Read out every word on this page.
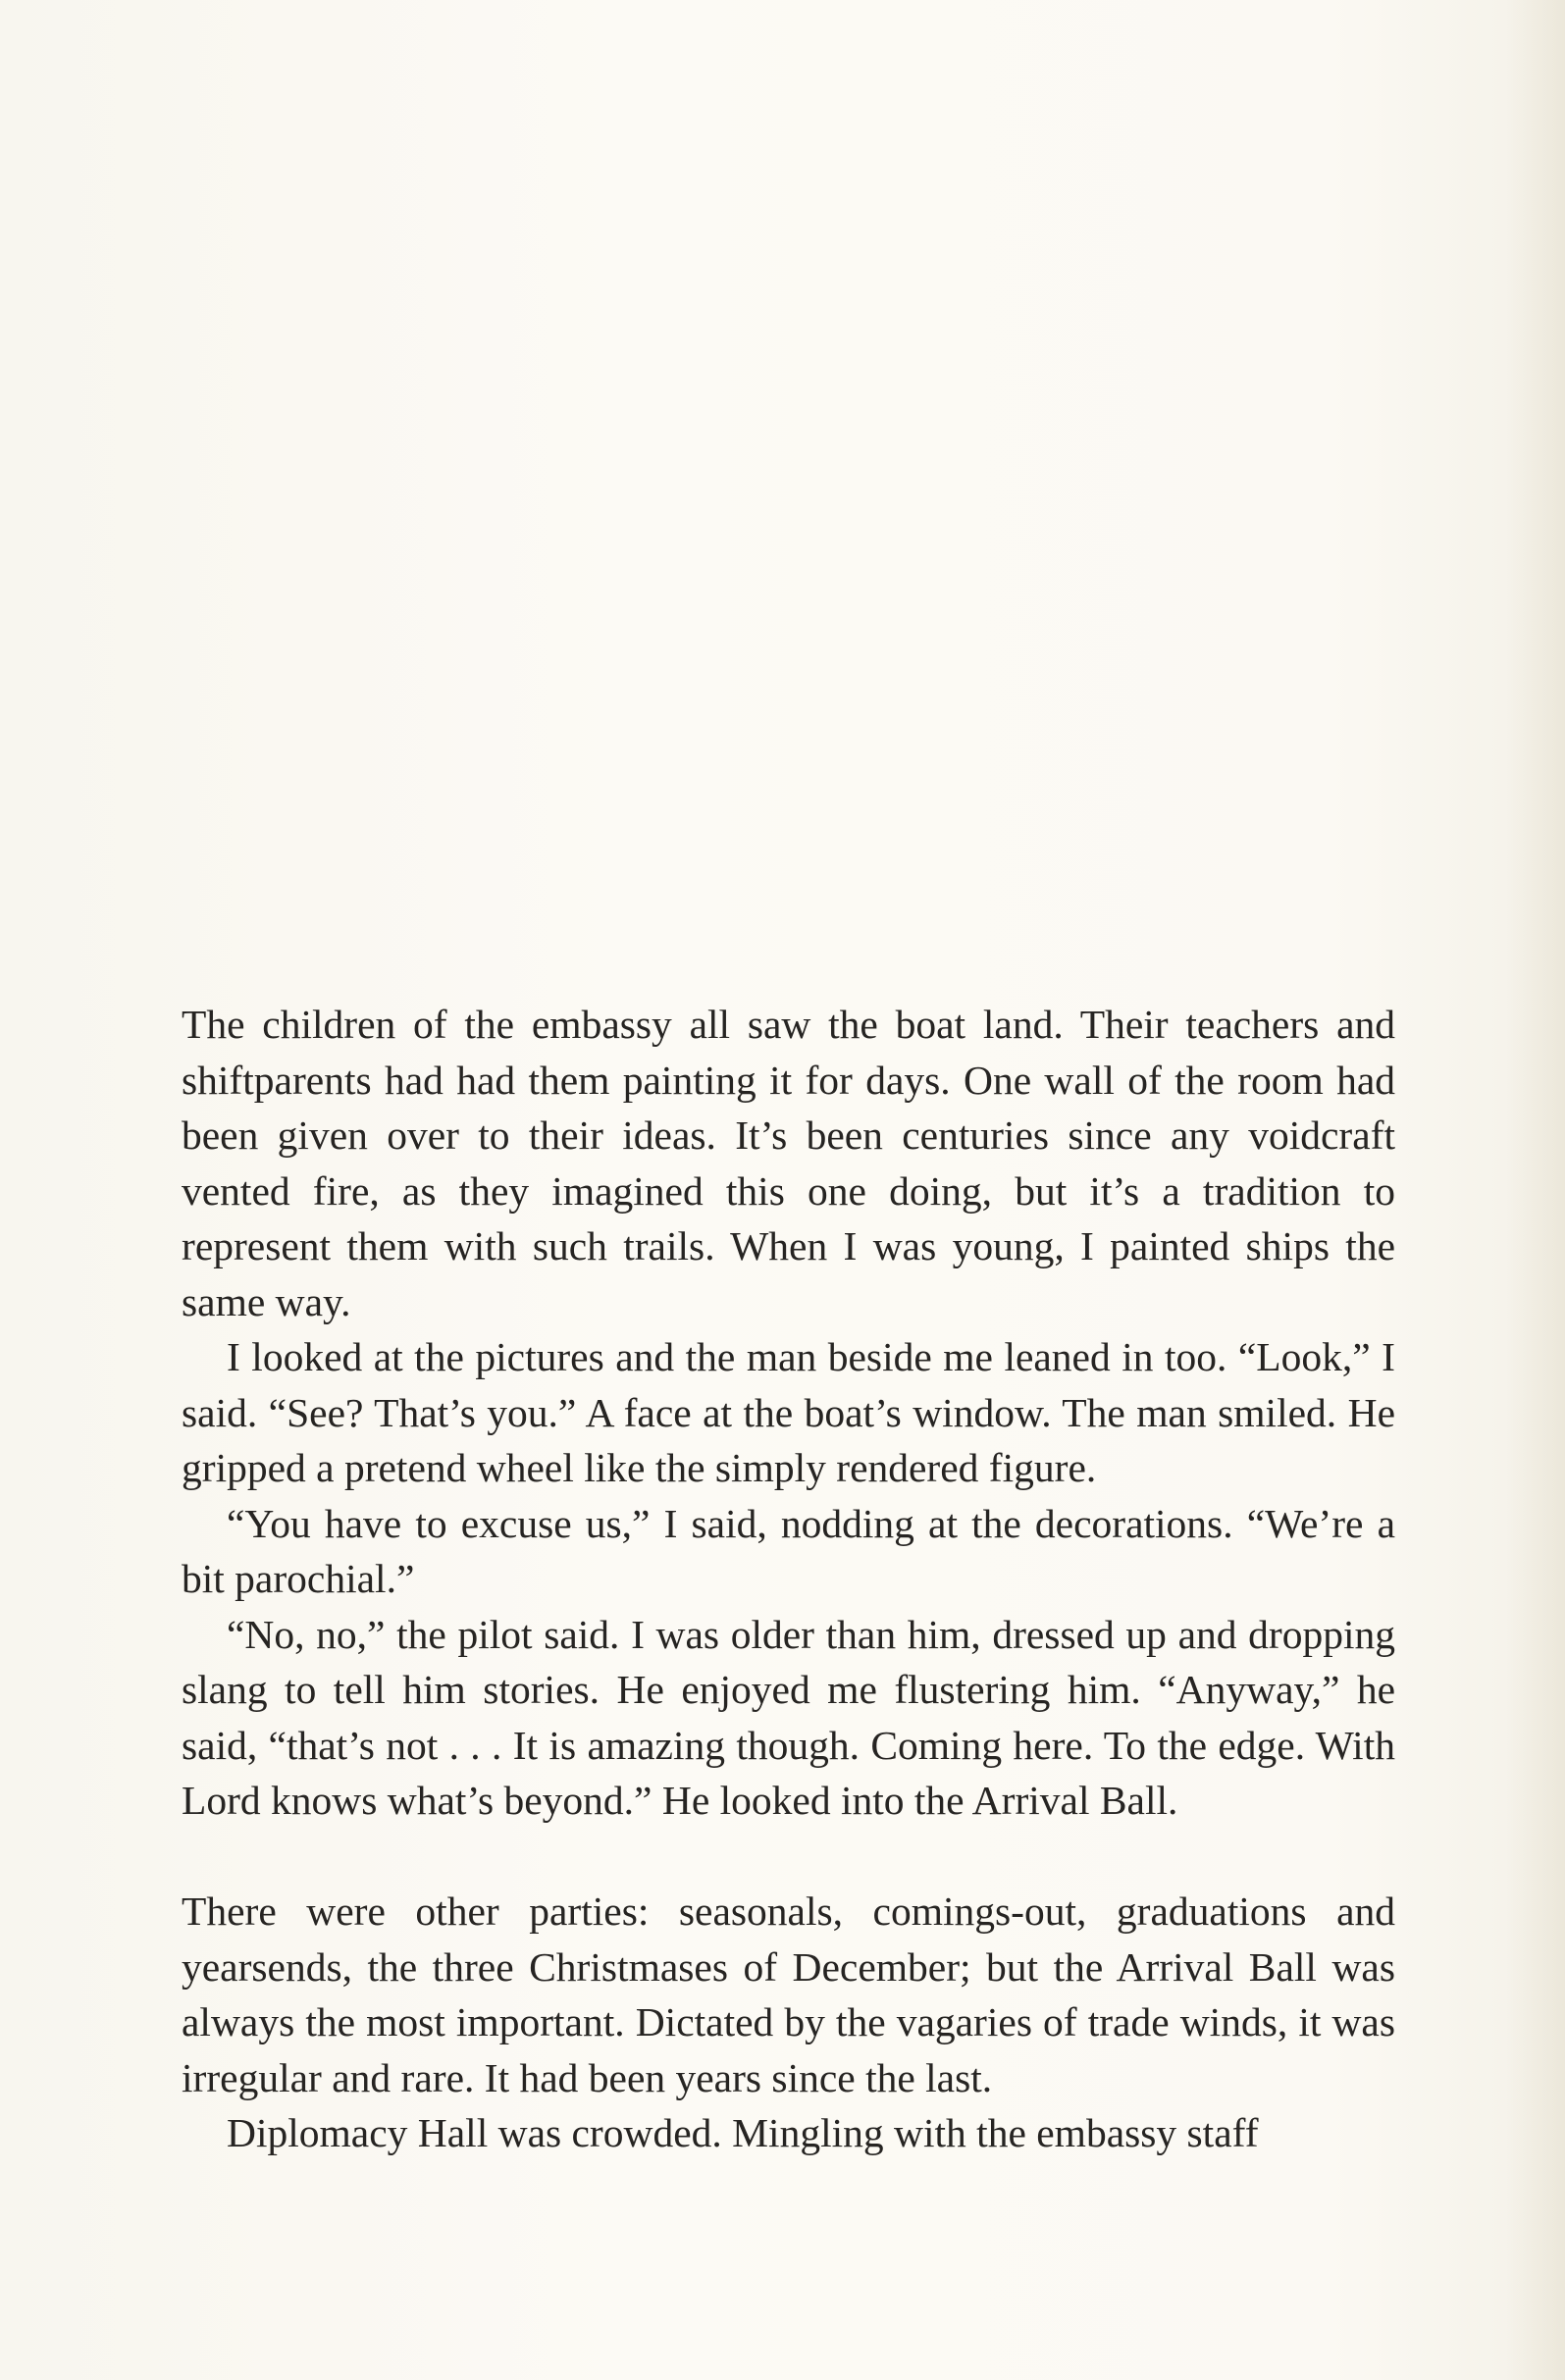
The children of the embassy all saw the boat land. Their teachers and shiftparents had had them painting it for days. One wall of the room had been given over to their ideas. It’s been centuries since any voidcraft vented fire, as they imagined this one doing, but it’s a tradition to represent them with such trails. When I was young, I painted ships the same way.

I looked at the pictures and the man beside me leaned in too. “Look,” I said. “See? That’s you.” A face at the boat’s window. The man smiled. He gripped a pretend wheel like the simply rendered figure.

“You have to excuse us,” I said, nodding at the decorations. “We’re a bit parochial.”

“No, no,” the pilot said. I was older than him, dressed up and dropping slang to tell him stories. He enjoyed me flustering him. “Anyway,” he said, “that’s not . . . It is amazing though. Coming here. To the edge. With Lord knows what’s beyond.” He looked into the Arrival Ball.

There were other parties: seasonals, comings-out, graduations and yearsends, the three Christmases of December; but the Arrival Ball was always the most important. Dictated by the vagaries of trade winds, it was irregular and rare. It had been years since the last.

Diplomacy Hall was crowded. Mingling with the embassy staff
